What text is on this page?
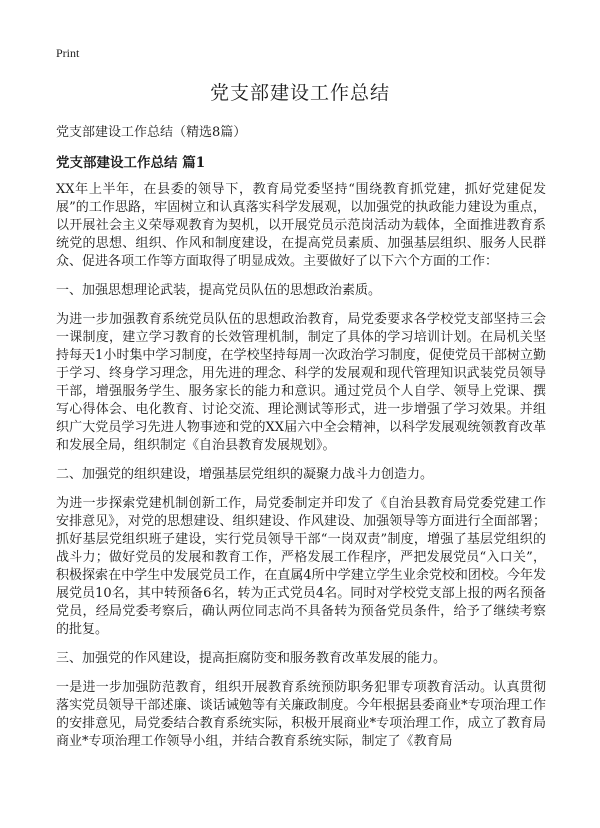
Print
党支部建设工作总结

党支部建设工作总结（精选8篇）

党支部建设工作总结 篇1

XX年上半年，在县委的领导下，教育局党委坚持“围绕教育抓党建，抓好党建促发展”的工作思路，牢固树立和认真落实科学发展观，以加强党的执政能力建设为重点，以开展社会主义荣辱观教育为契机，以开展党员示范岗活动为载体，全面推进教育系统党的思想、组织、作风和制度建设，在提高党员素质、加强基层组织、服务人民群众、促进各项工作等方面取得了明显成效。主要做好了以下六个方面的工作：

一、加强思想理论武装，提高党员队伍的思想政治素质。

为进一步加强教育系统党员队伍的思想政治教育，局党委要求各学校党支部坚持三会一课制度，建立学习教育的长效管理机制，制定了具体的学习培训计划。在局机关坚持每天1小时集中学习制度，在学校坚持每周一次政治学习制度，促使党员干部树立勤于学习、终身学习理念，用先进的理念、科学的发展观和现代管理知识武装党员领导干部，增强服务学生、服务家长的能力和意识。通过党员个人自学、领导上党课、撰写心得体会、电化教育、讨论交流、理论测试等形式，进一步增强了学习效果。并组织广大党员学习先进人物事迹和党的XX届六中全会精神，以科学发展观统领教育改革和发展全局，组织制定《自治县教育发展规划》。

二、加强党的组织建设，增强基层党组织的凝聚力战斗力创造力。

为进一步探索党建机制创新工作，局党委制定并印发了《自治县教育局党委党建工作安排意见》，对党的思想建设、组织建设、作风建设、加强领导等方面进行全面部署；抓好基层党组织班子建设，实行党员领导干部“一岗双责”制度，增强了基层党组织的战斗力；做好党员的发展和教育工作，严格发展工作程序，严把发展党员“入口关”，积极探索在中学生中发展党员工作，在直属4所中学建立学生业余党校和团校。今年发展党员10名，其中转预备6名，转为正式党员4名。同时对学校党支部上报的两名预备党员，经局党委考察后，确认两位同志尚不具备转为预备党员条件，给予了继续考察的批复。

三、加强党的作风建设，提高拒腐防变和服务教育改革发展的能力。

一是进一步加强防范教育，组织开展教育系统预防职务犯罪专项教育活动。认真贯彻落实党员领导干部述廉、谈话诫勉等有关廉政制度。今年根据县委商业*专项治理工作的安排意见，局党委结合教育系统实际，积极开展商业*专项治理工作，成立了教育局商业*专项治理工作领导小组，并结合教育系统实际，制定了《教育局
